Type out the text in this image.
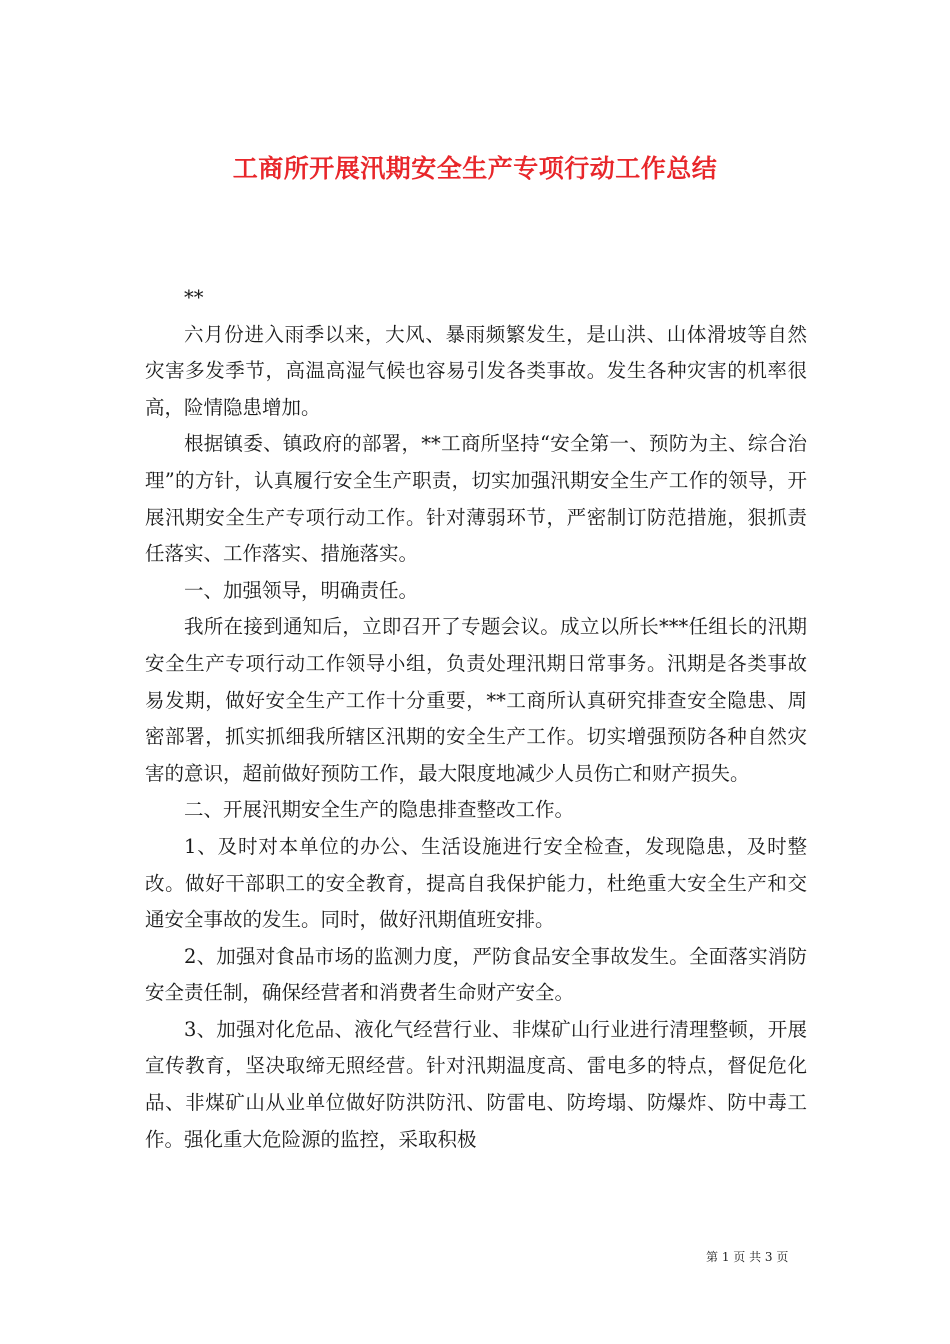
工商所开展汛期安全生产专项行动工作总结

**

六月份进入雨季以来，大风、暴雨频繁发生，是山洪、山体滑坡等自然灾害多发季节，高温高湿气候也容易引发各类事故。发生各种灾害的机率很高，险情隐患增加。

根据镇委、镇政府的部署，**工商所坚持“安全第一、预防为主、综合治理”的方针，认真履行安全生产职责，切实加强汛期安全生产工作的领导，开展汛期安全生产专项行动工作。针对薄弱环节，严密制订防范措施，狠抓责任落实、工作落实、措施落实。

一、加强领导，明确责任。

我所在接到通知后，立即召开了专题会议。成立以所长***任组长的汛期安全生产专项行动工作领导小组，负责处理汛期日常事务。汛期是各类事故易发期，做好安全生产工作十分重要，**工商所认真研究排查安全隐患、周密部署，抓实抓细我所辖区汛期的安全生产工作。切实增强预防各种自然灾害的意识，超前做好预防工作，最大限度地减少人员伤亡和财产损失。

二、开展汛期安全生产的隐患排查整改工作。

1、及时对本单位的办公、生活设施进行安全检查，发现隐患，及时整改。做好干部职工的安全教育，提高自我保护能力，杜绝重大安全生产和交通安全事故的发生。同时，做好汛期值班安排。

2、加强对食品市场的监测力度，严防食品安全事故发生。全面落实消防安全责任制，确保经营者和消费者生命财产安全。

3、加强对化危品、液化气经营行业、非煤矿山行业进行清理整顿，开展宣传教育，坚决取缔无照经营。针对汛期温度高、雷电多的特点，督促危化品、非煤矿山从业单位做好防洪防汛、防雷电、防垮塌、防爆炸、防中毒工作。强化重大危险源的监控，采取积极

第 1 页 共 3 页
